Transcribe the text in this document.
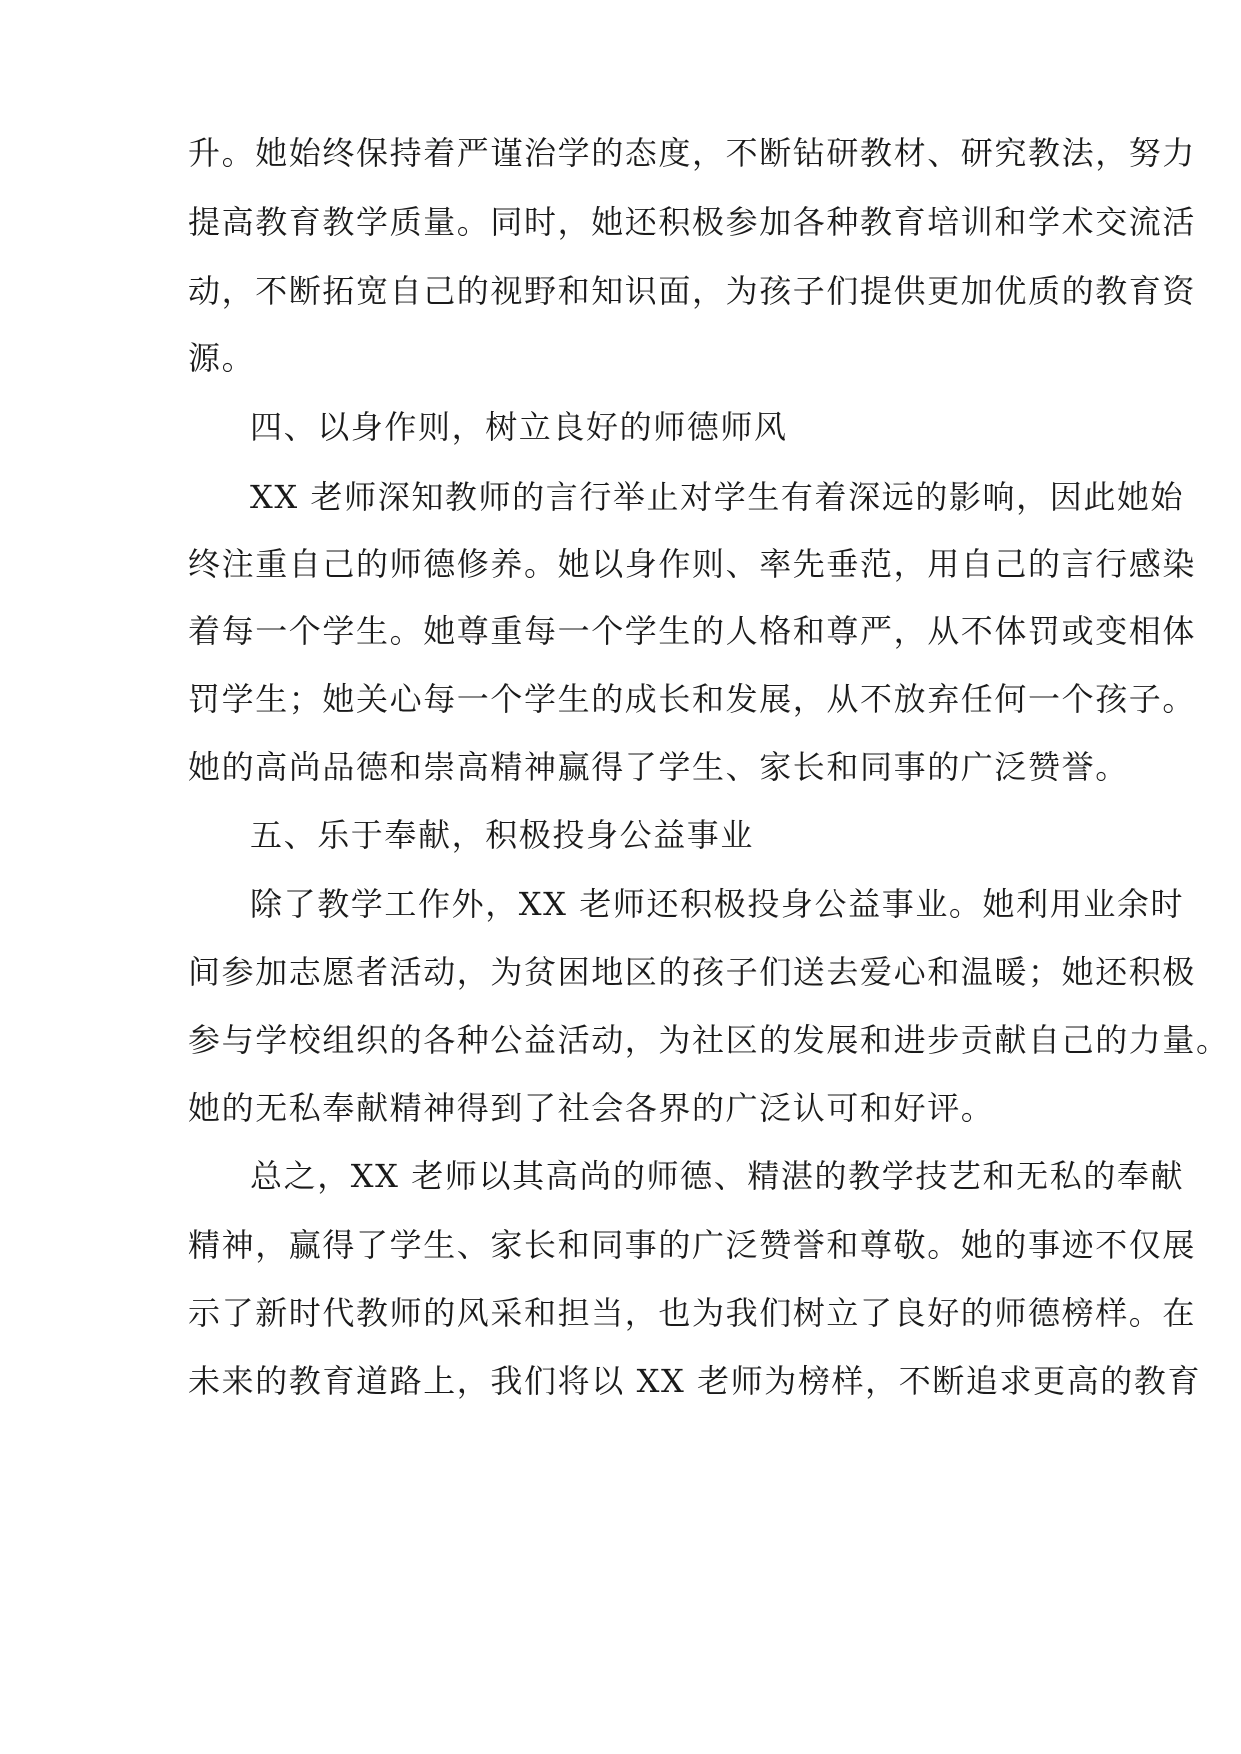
升。她始终保持着严谨治学的态度，不断钻研教材、研究教法，努力

提高教育教学质量。同时，她还积极参加各种教育培训和学术交流活

动，不断拓宽自己的视野和知识面，为孩子们提供更加优质的教育资

源。

四、以身作则，树立良好的师德师风

XX 老师深知教师的言行举止对学生有着深远的影响，因此她始

终注重自己的师德修养。她以身作则、率先垂范，用自己的言行感染

着每一个学生。她尊重每一个学生的人格和尊严，从不体罚或变相体

罚学生；她关心每一个学生的成长和发展，从不放弃任何一个孩子。

她的高尚品德和崇高精神赢得了学生、家长和同事的广泛赞誉。

五、乐于奉献，积极投身公益事业

除了教学工作外，XX 老师还积极投身公益事业。她利用业余时

间参加志愿者活动，为贫困地区的孩子们送去爱心和温暖；她还积极

参与学校组织的各种公益活动，为社区的发展和进步贡献自己的力量。

她的无私奉献精神得到了社会各界的广泛认可和好评。

总之，XX 老师以其高尚的师德、精湛的教学技艺和无私的奉献

精神，赢得了学生、家长和同事的广泛赞誉和尊敬。她的事迹不仅展

示了新时代教师的风采和担当，也为我们树立了良好的师德榜样。在

未来的教育道路上，我们将以 XX 老师为榜样，不断追求更高的教育
